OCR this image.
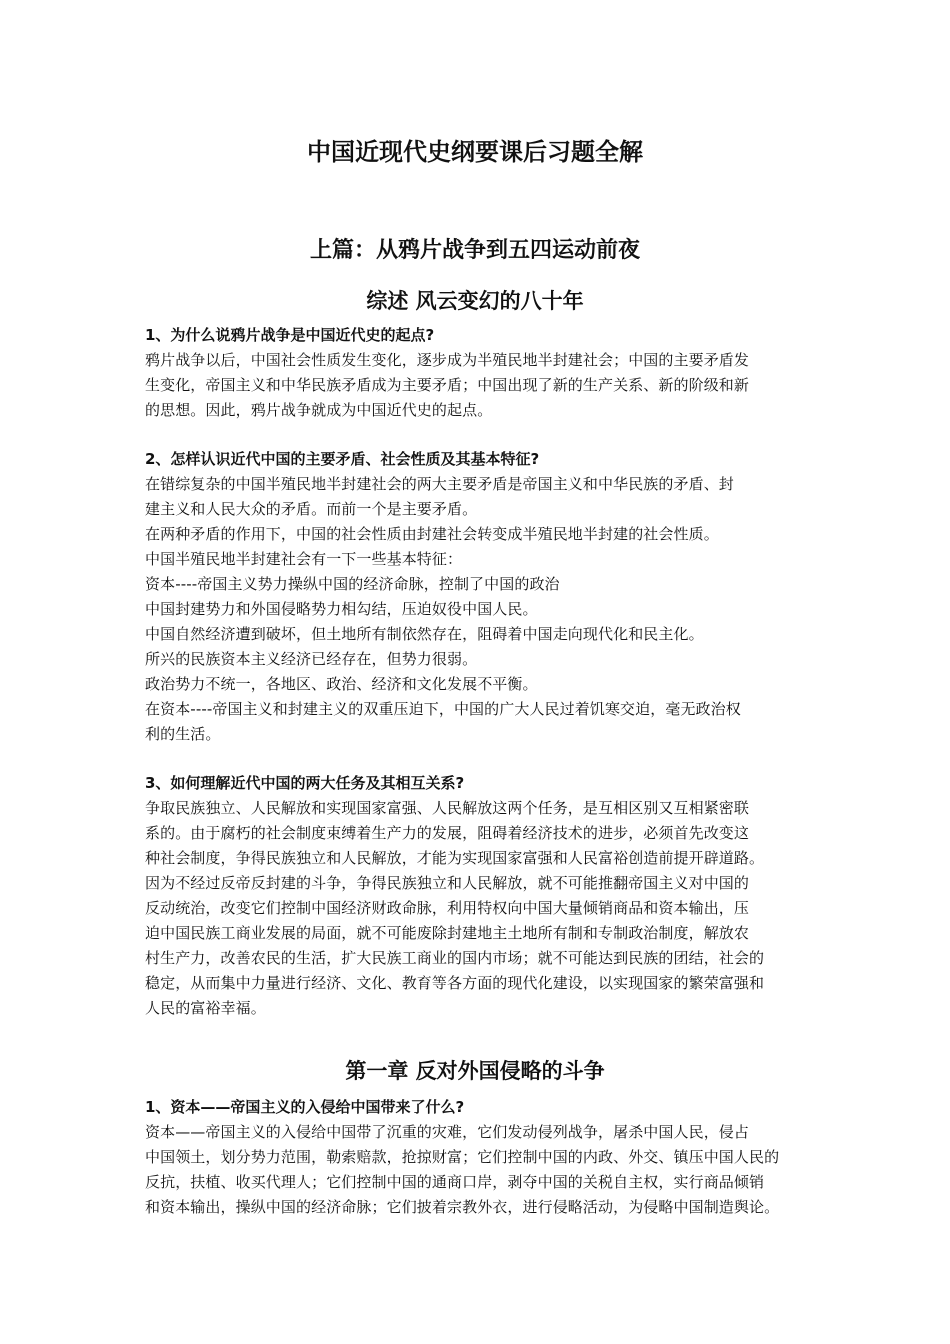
中国近现代史纲要课后习题全解
上篇：从鸦片战争到五四运动前夜
综述 风云变幻的八十年

1、为什么说鸦片战争是中国近代史的起点?

鸦片战争以后，中国社会性质发生变化，逐步成为半殖民地半封建社会；中国的主要矛盾发

生变化，帝国主义和中华民族矛盾成为主要矛盾；中国出现了新的生产关系、新的阶级和新

的思想。因此，鸦片战争就成为中国近代史的起点。

2、怎样认识近代中国的主要矛盾、社会性质及其基本特征?

在错综复杂的中国半殖民地半封建社会的两大主要矛盾是帝国主义和中华民族的矛盾、封

建主义和人民大众的矛盾。而前一个是主要矛盾。

在两种矛盾的作用下，中国的社会性质由封建社会转变成半殖民地半封建的社会性质。

中国半殖民地半封建社会有一下一些基本特征：

资本----帝国主义势力操纵中国的经济命脉，控制了中国的政治

中国封建势力和外国侵略势力相勾结，压迫奴役中国人民。

中国自然经济遭到破坏，但土地所有制依然存在，阻碍着中国走向现代化和民主化。

所兴的民族资本主义经济已经存在，但势力很弱。

政治势力不统一，各地区、政治、经济和文化发展不平衡。

在资本----帝国主义和封建主义的双重压迫下，中国的广大人民过着饥寒交迫，毫无政治权

利的生活。

3、如何理解近代中国的两大任务及其相互关系?

争取民族独立、人民解放和实现国家富强、人民解放这两个任务，是互相区别又互相紧密联

系的。由于腐朽的社会制度束缚着生产力的发展，阻碍着经济技术的进步，必须首先改变这

种社会制度，争得民族独立和人民解放，才能为实现国家富强和人民富裕创造前提开辟道路。

因为不经过反帝反封建的斗争，争得民族独立和人民解放，就不可能推翻帝国主义对中国的

反动统治，改变它们控制中国经济财政命脉，利用特权向中国大量倾销商品和资本输出，压

迫中国民族工商业发展的局面，就不可能废除封建地主土地所有制和专制政治制度，解放农

村生产力，改善农民的生活，扩大民族工商业的国内市场；就不可能达到民族的团结，社会的

稳定，从而集中力量进行经济、文化、教育等各方面的现代化建设，以实现国家的繁荣富强和

人民的富裕幸福。

第一章 反对外国侵略的斗争

1、资本——帝国主义的入侵给中国带来了什么?

资本——帝国主义的入侵给中国带了沉重的灾难，它们发动侵列战争，屠杀中国人民，侵占

中国领土，划分势力范围，勒索赔款，抢掠财富；它们控制中国的内政、外交、镇压中国人民的

反抗，扶植、收买代理人；它们控制中国的通商口岸，剥夺中国的关税自主权，实行商品倾销

和资本输出，操纵中国的经济命脉；它们披着宗教外衣，进行侵略活动，为侵略中国制造舆论。
